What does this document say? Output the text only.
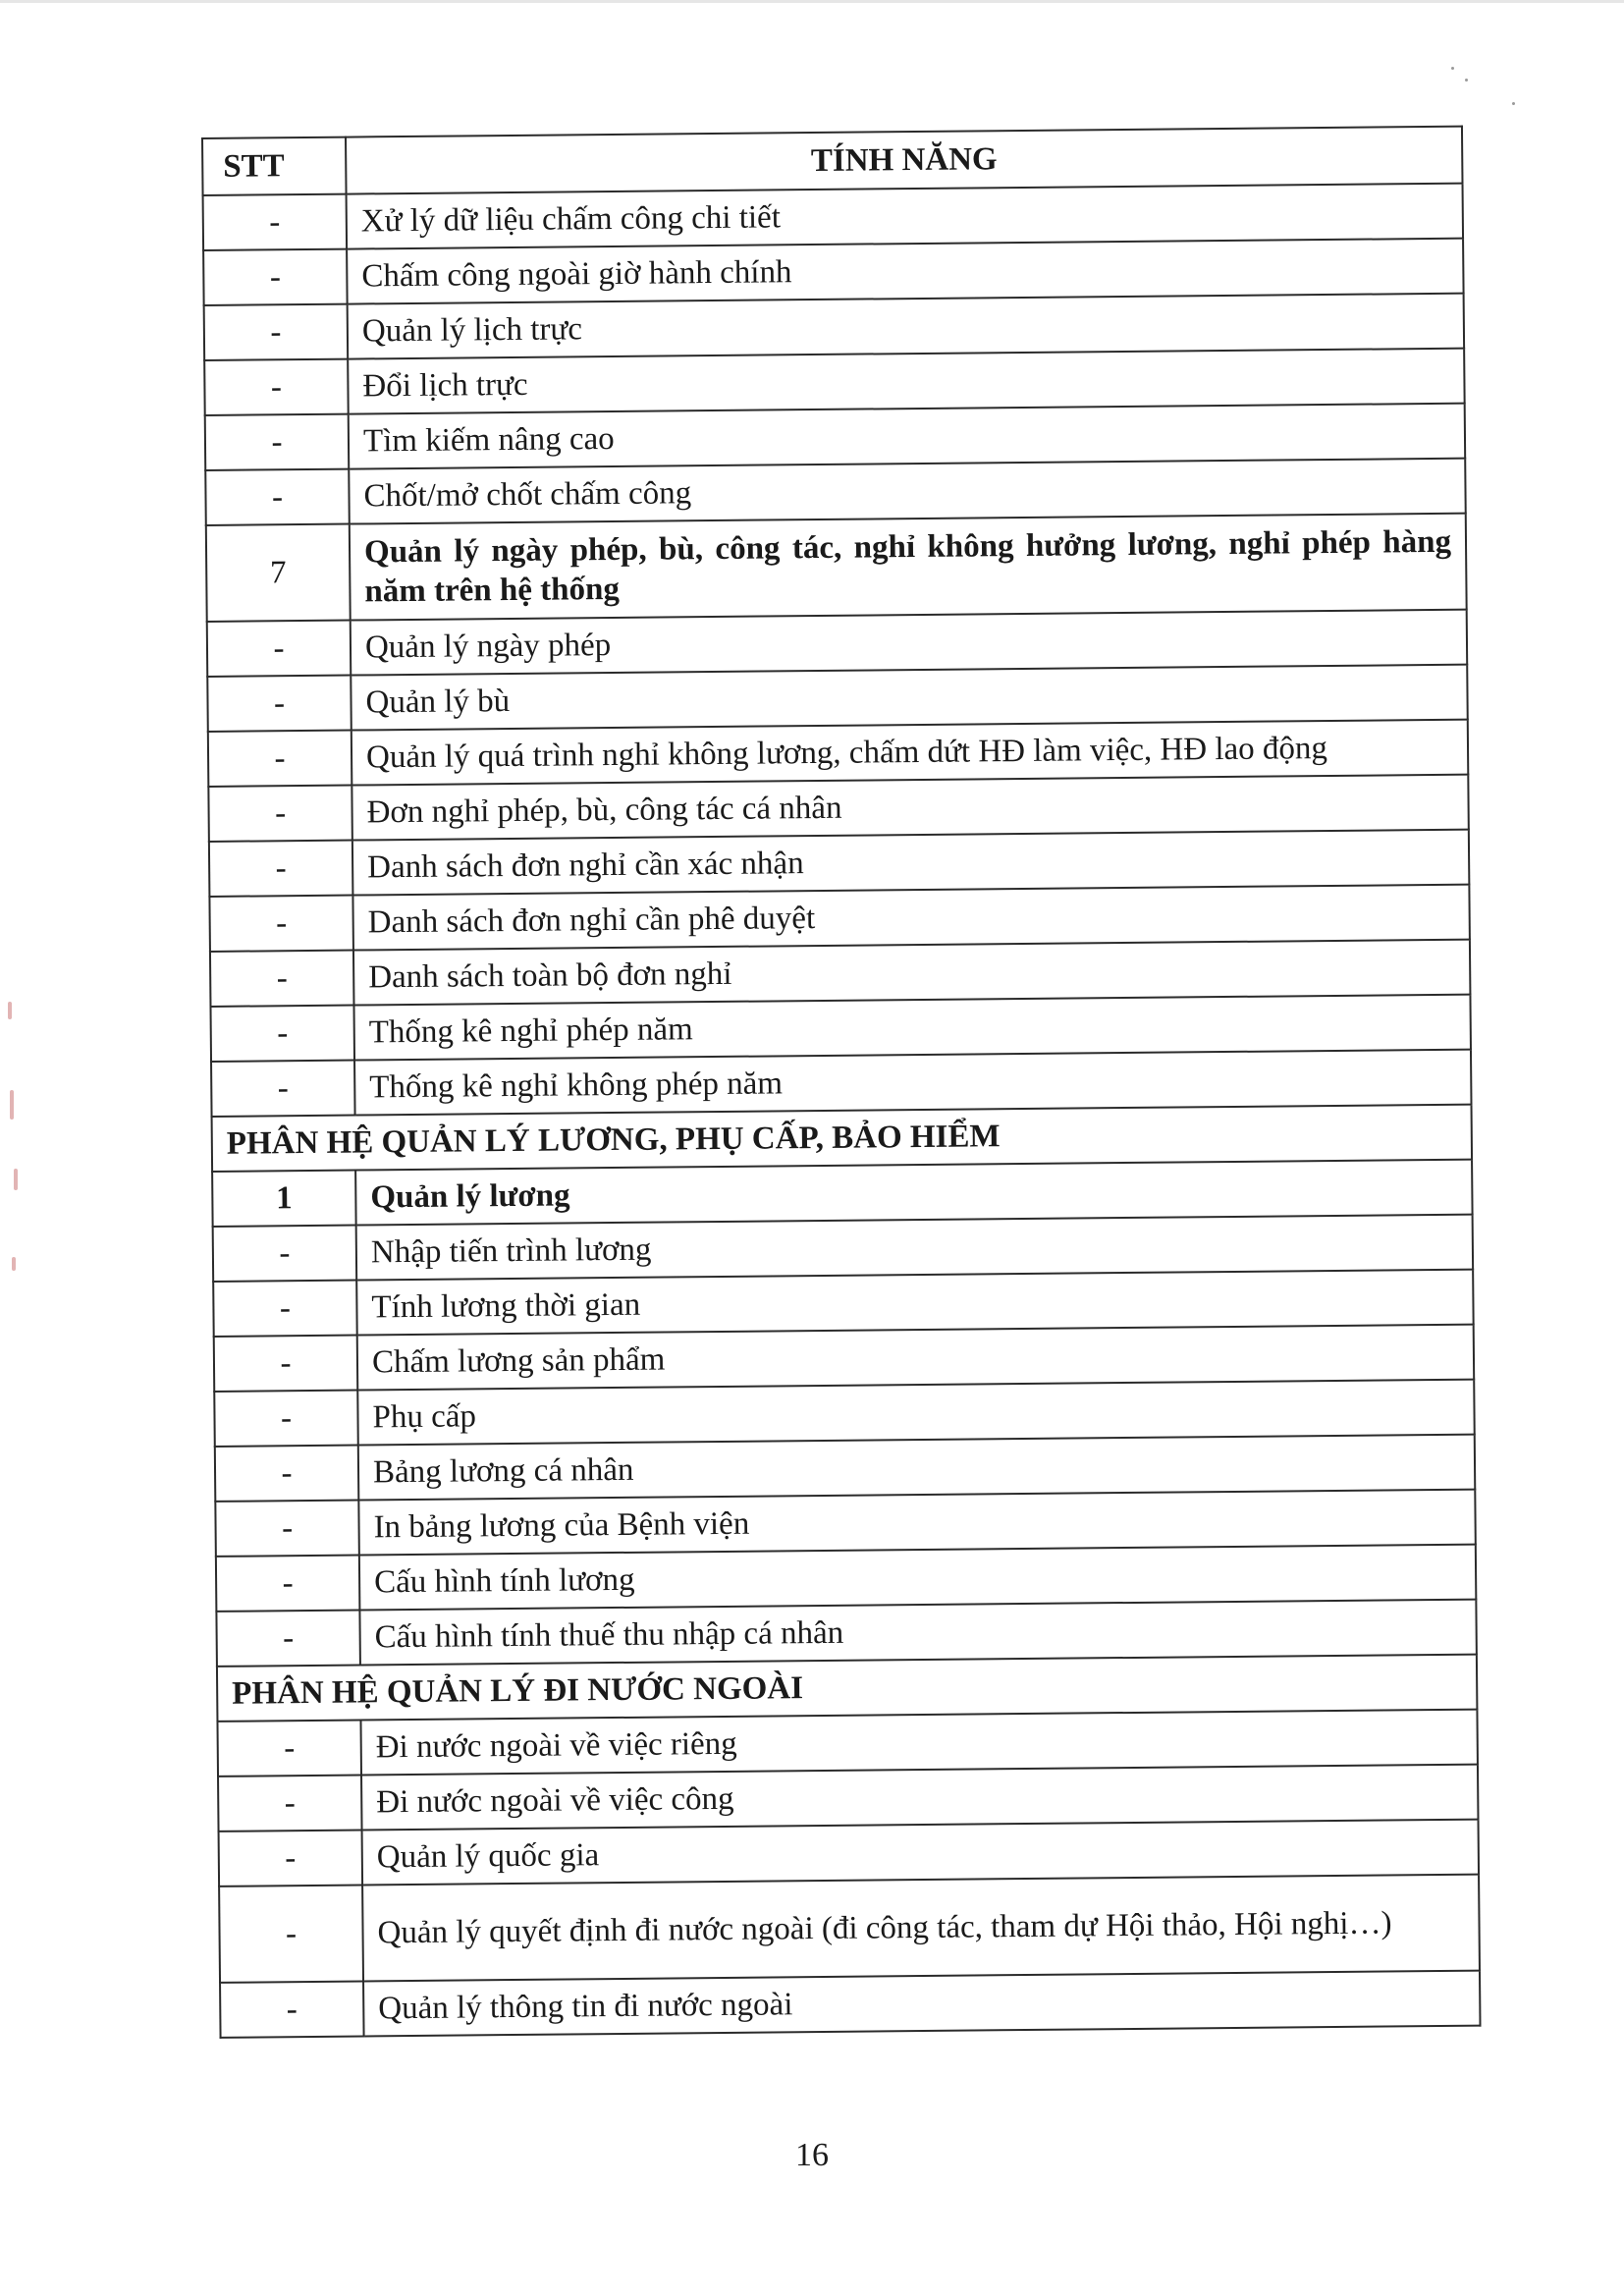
STT	TÍNH NĂNG
-	Xử lý dữ liệu chấm công chi tiết
-	Chấm công ngoài giờ hành chính
-	Quản lý lịch trực
-	Đổi lịch trực
-	Tìm kiếm nâng cao
-	Chốt/mở chốt chấm công
7	Quản lý ngày phép, bù, công tác, nghỉ không hưởng lương, nghỉ phép hàng năm trên hệ thống
-	Quản lý ngày phép
-	Quản lý bù
-	Quản lý quá trình nghỉ không lương, chấm dứt HĐ làm việc, HĐ lao động
-	Đơn nghỉ phép, bù, công tác cá nhân
-	Danh sách đơn nghỉ cần xác nhận
-	Danh sách đơn nghỉ cần phê duyệt
-	Danh sách toàn bộ đơn nghỉ
-	Thống kê nghỉ phép năm
-	Thống kê nghỉ không phép năm
PHÂN HỆ QUẢN LÝ LƯƠNG, PHỤ CẤP, BẢO HIỂM	
1	Quản lý lương
-	Nhập tiến trình lương
-	Tính lương thời gian
-	Chấm lương sản phẩm
-	Phụ cấp
-	Bảng lương cá nhân
-	In bảng lương của Bệnh viện
-	Cấu hình tính lương
-	Cấu hình tính thuế thu nhập cá nhân
PHÂN HỆ QUẢN LÝ ĐI NƯỚC NGOÀI	
-	Đi nước ngoài về việc riêng
-	Đi nước ngoài về việc công
-	Quản lý quốc gia
-	Quản lý quyết định đi nước ngoài (đi công tác, tham dự Hội thảo, Hội nghị…)
-	Quản lý thông tin đi nước ngoài
16
